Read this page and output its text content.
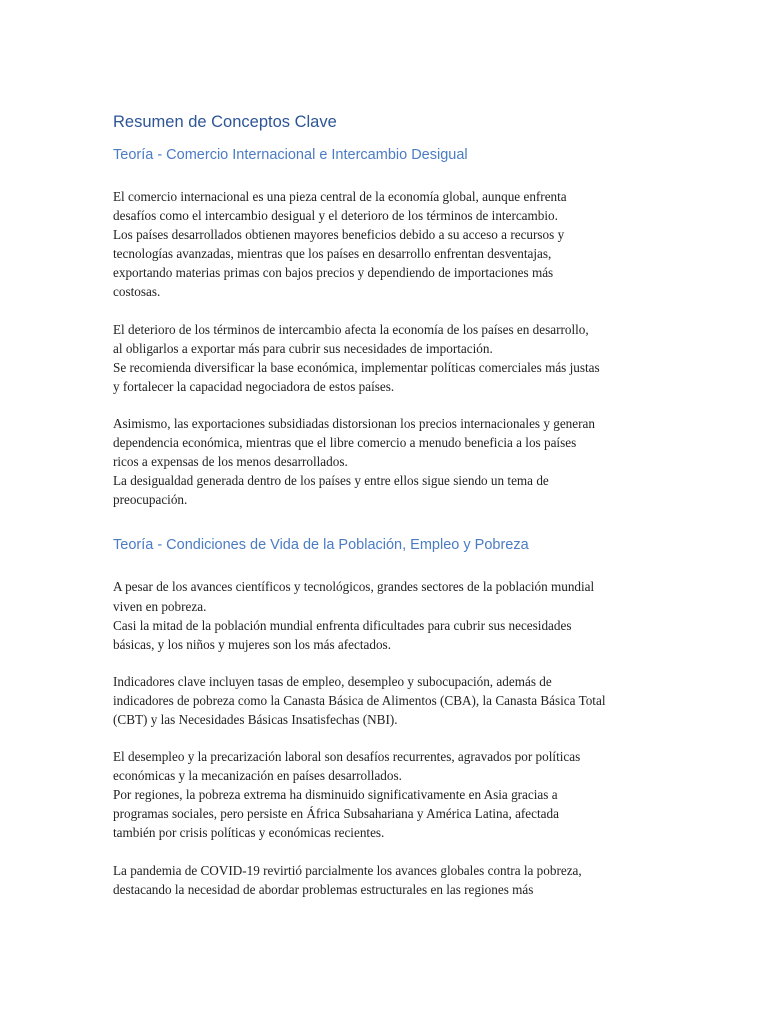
Resumen de Conceptos Clave
Teoría - Comercio Internacional e Intercambio Desigual

El comercio internacional es una pieza central de la economía global, aunque enfrenta
desafíos como el intercambio desigual y el deterioro de los términos de intercambio.
Los países desarrollados obtienen mayores beneficios debido a su acceso a recursos y
tecnologías avanzadas, mientras que los países en desarrollo enfrentan desventajas,
exportando materias primas con bajos precios y dependiendo de importaciones más
costosas.

El deterioro de los términos de intercambio afecta la economía de los países en desarrollo,
al obligarlos a exportar más para cubrir sus necesidades de importación.
Se recomienda diversificar la base económica, implementar políticas comerciales más justas
y fortalecer la capacidad negociadora de estos países.

Asimismo, las exportaciones subsidiadas distorsionan los precios internacionales y generan
dependencia económica, mientras que el libre comercio a menudo beneficia a los países
ricos a expensas de los menos desarrollados.
La desigualdad generada dentro de los países y entre ellos sigue siendo un tema de
preocupación.

Teoría - Condiciones de Vida de la Población, Empleo y Pobreza

A pesar de los avances científicos y tecnológicos, grandes sectores de la población mundial
viven en pobreza.
Casi la mitad de la población mundial enfrenta dificultades para cubrir sus necesidades
básicas, y los niños y mujeres son los más afectados.

Indicadores clave incluyen tasas de empleo, desempleo y subocupación, además de
indicadores de pobreza como la Canasta Básica de Alimentos (CBA), la Canasta Básica Total
(CBT) y las Necesidades Básicas Insatisfechas (NBI).

El desempleo y la precarización laboral son desafíos recurrentes, agravados por políticas
económicas y la mecanización en países desarrollados.
Por regiones, la pobreza extrema ha disminuido significativamente en Asia gracias a
programas sociales, pero persiste en África Subsahariana y América Latina, afectada
también por crisis políticas y económicas recientes.

La pandemia de COVID-19 revirtió parcialmente los avances globales contra la pobreza,
destacando la necesidad de abordar problemas estructurales en las regiones más
